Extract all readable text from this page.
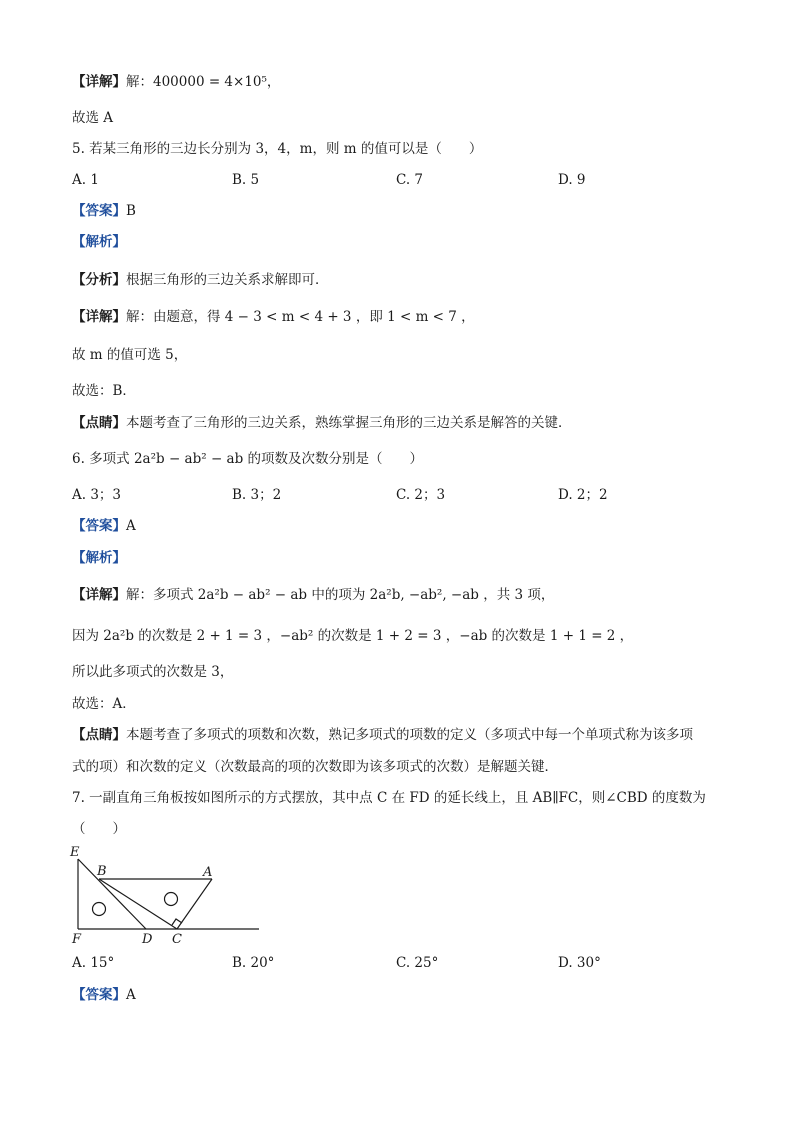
【详解】解：400000 = 4×10⁵，
故选 A
5. 若某三角形的三边长分别为 3，4，m，则 m 的值可以是（　　）
A. 1	B. 5	C. 7	D. 9
【答案】B
【解析】
【分析】根据三角形的三边关系求解即可．
【详解】解：由题意，得 4 − 3 < m < 4 + 3 ，即 1 < m < 7 ，
故 m 的值可选 5，
故选：B．
【点睛】本题考查了三角形的三边关系，熟练掌握三角形的三边关系是解答的关键．
6. 多项式 2a²b − ab² − ab 的项数及次数分别是（　　）
A. 3；3	B. 3；2	C. 2；3	D. 2；2
【答案】A
【解析】
【详解】解：多项式 2a²b − ab² − ab 中的项为 2a²b, −ab², −ab ，共 3 项，
因为 2a²b 的次数是 2 + 1 = 3 ，−ab² 的次数是 1 + 2 = 3 ，−ab 的次数是 1 + 1 = 2 ，
所以此多项式的次数是 3，
故选：A．
【点睛】本题考查了多项式的项数和次数，熟记多项式的项数的定义（多项式中每一个单项式称为该多项
式的项）和次数的定义（次数最高的项的次数即为该多项式的次数）是解题关键．
7. 一副直角三角板按如图所示的方式摆放，其中点 C 在 FD 的延长线上，且 AB∥FC，则∠CBD 的度数为
（　　）
E
B	A
F	D C
A. 15°	B. 20°	C. 25°	D. 30°
【答案】A
